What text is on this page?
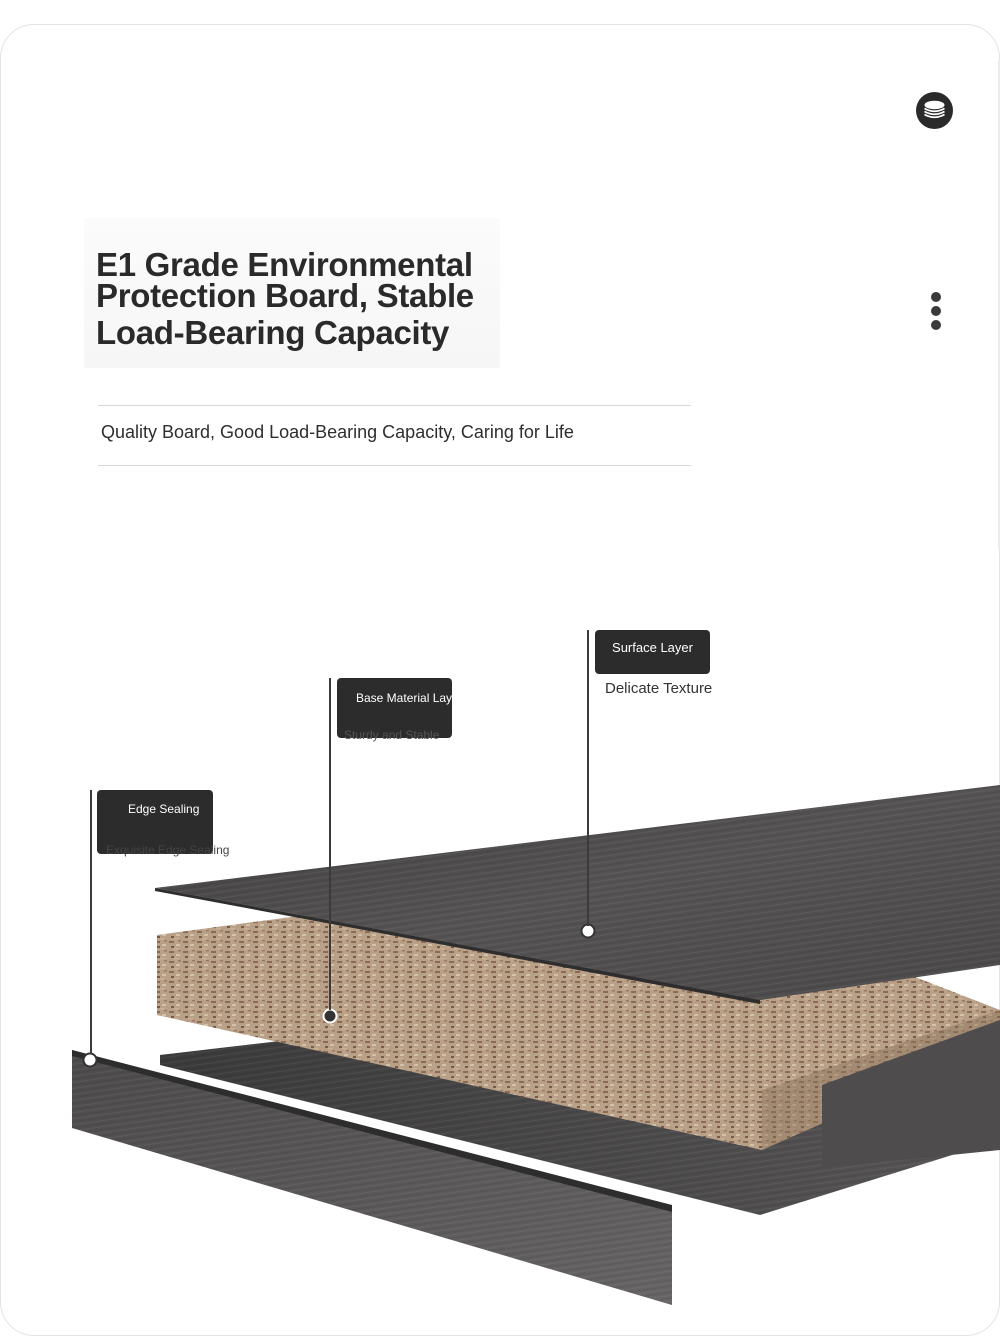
E1 Grade Environmental
Protection Board, Stable
Load-Bearing Capacity

Quality Board, Good Load-Bearing Capacity, Caring for Life

Surface Layer
Delicate Texture
Base Material Lay
Sturdy and Stable
Edge Sealing
Exquisite Edge Sealing
